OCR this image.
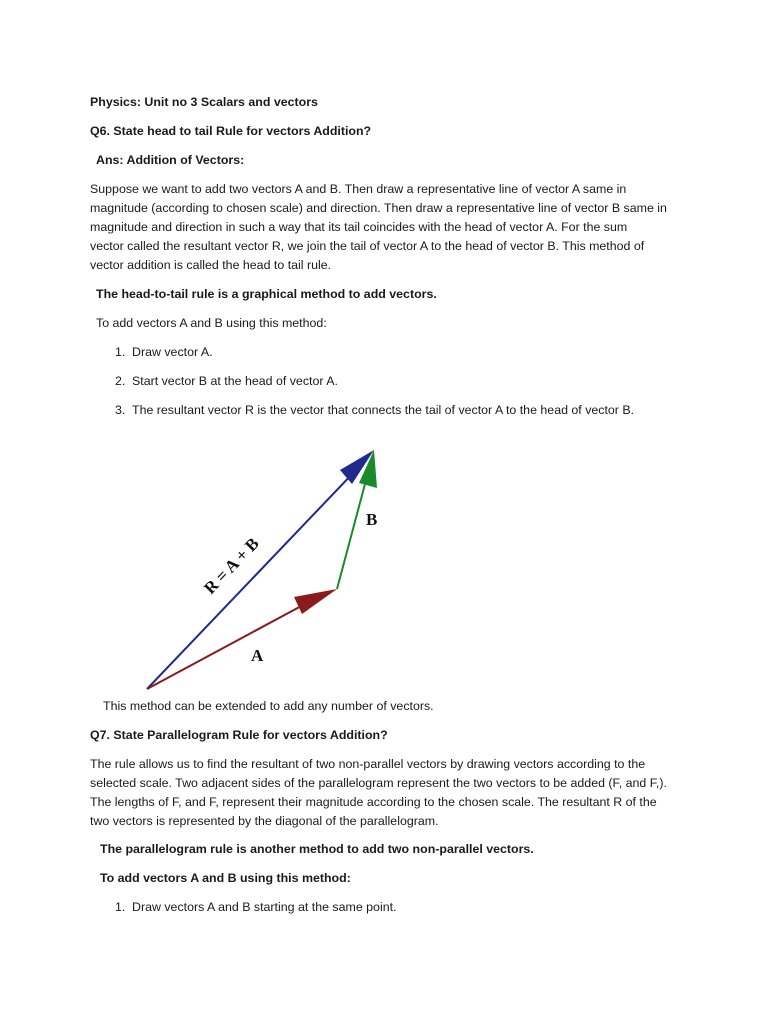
Physics: Unit no 3 Scalars and vectors
Q6. State head to tail Rule for vectors Addition?
Ans: Addition of Vectors:
Suppose we want to add two vectors A and B. Then draw a representative line of vector A same in
magnitude (according to chosen scale) and direction. Then draw a representative line of vector B same in
magnitude and direction in such a way that its tail coincides with the head of vector A. For the sum
vector called the resultant vector R, we join the tail of vector A to the head of vector B. This method of
vector addition is called the head to tail rule.
The head-to-tail rule is a graphical method to add vectors.
To add vectors A and B using this method:
1. Draw vector A.
2. Start vector B at the head of vector A.
3. The resultant vector R is the vector that connects the tail of vector A to the head of vector B.
R = A + B
B
A
This method can be extended to add any number of vectors.
Q7. State Parallelogram Rule for vectors Addition?
The rule allows us to find the resultant of two non-parallel vectors by drawing vectors according to the
selected scale. Two adjacent sides of the parallelogram represent the two vectors to be added (F, and F,).
The lengths of F, and F, represent their magnitude according to the chosen scale. The resultant R of the
two vectors is represented by the diagonal of the parallelogram.
The parallelogram rule is another method to add two non-parallel vectors.
To add vectors A and B using this method:
1. Draw vectors A and B starting at the same point.
